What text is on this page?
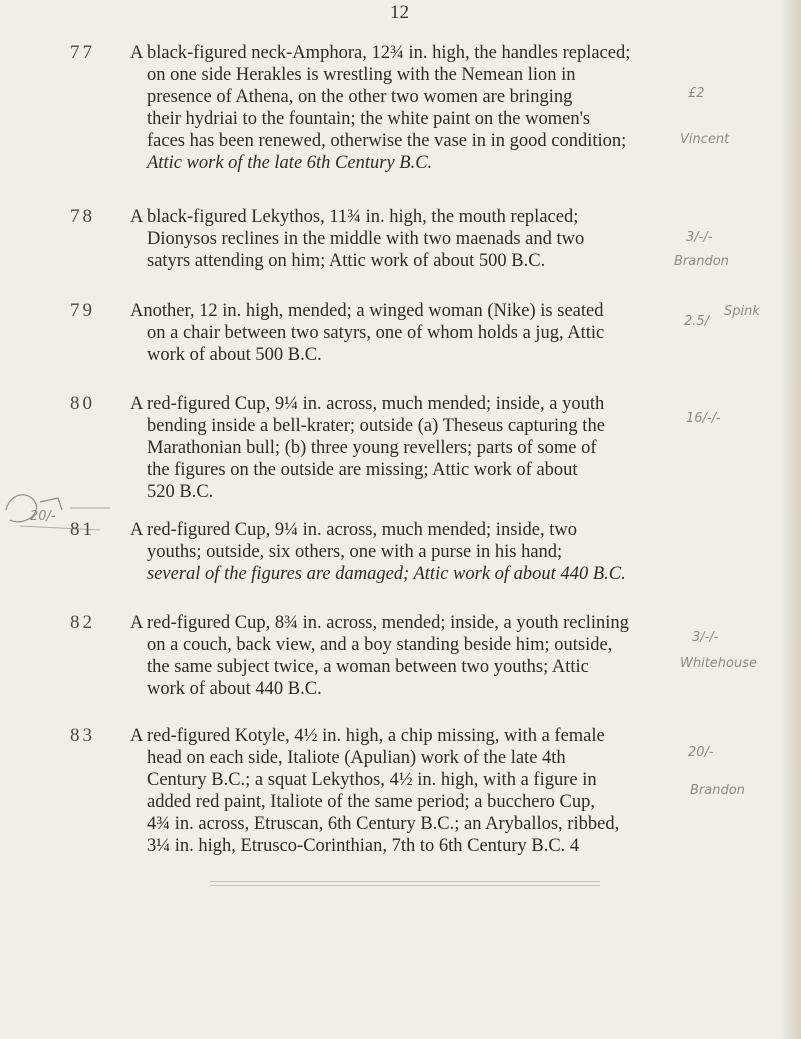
12
77 A black-figured neck-Amphora, 12¾ in. high, the handles replaced;
on one side Herakles is wrestling with the Nemean lion in
presence of Athena, on the other two women are bringing
their hydriai to the fountain; the white paint on the women's
faces has been renewed, otherwise the vase in in good condition;
Attic work of the late 6th Century B.C.
£2
Vincent
78 A black-figured Lekythos, 11¾ in. high, the mouth replaced;
Dionysos reclines in the middle with two maenads and two
satyrs attending on him; Attic work of about 500 B.C.
3/-/-
Brandon
79 Another, 12 in. high, mended; a winged woman (Nike) is seated
on a chair between two satyrs, one of whom holds a jug, Attic
work of about 500 B.C.
2.5/
Spink
80 A red-figured Cup, 9¼ in. across, much mended; inside, a youth
bending inside a bell-krater; outside (a) Theseus capturing the
Marathonian bull; (b) three young revellers; parts of some of
the figures on the outside are missing; Attic work of about
520 B.C.
16/-/-
81 A red-figured Cup, 9¼ in. across, much mended; inside, two
youths; outside, six others, one with a purse in his hand;
several of the figures are damaged; Attic work of about 440 B.C.
20/-
82 A red-figured Cup, 8¾ in. across, mended; inside, a youth reclining
on a couch, back view, and a boy standing beside him; outside,
the same subject twice, a woman between two youths; Attic
work of about 440 B.C.
3/-/-
Whitehouse
83 A red-figured Kotyle, 4½ in. high, a chip missing, with a female
head on each side, Italiote (Apulian) work of the late 4th
Century B.C.; a squat Lekythos, 4½ in. high, with a figure in
added red paint, Italiote of the same period; a bucchero Cup,
4¾ in. across, Etruscan, 6th Century B.C.; an Aryballos, ribbed,
3¼ in. high, Etrusco-Corinthian, 7th to 6th Century B.C. 4
20/-
Brandon
